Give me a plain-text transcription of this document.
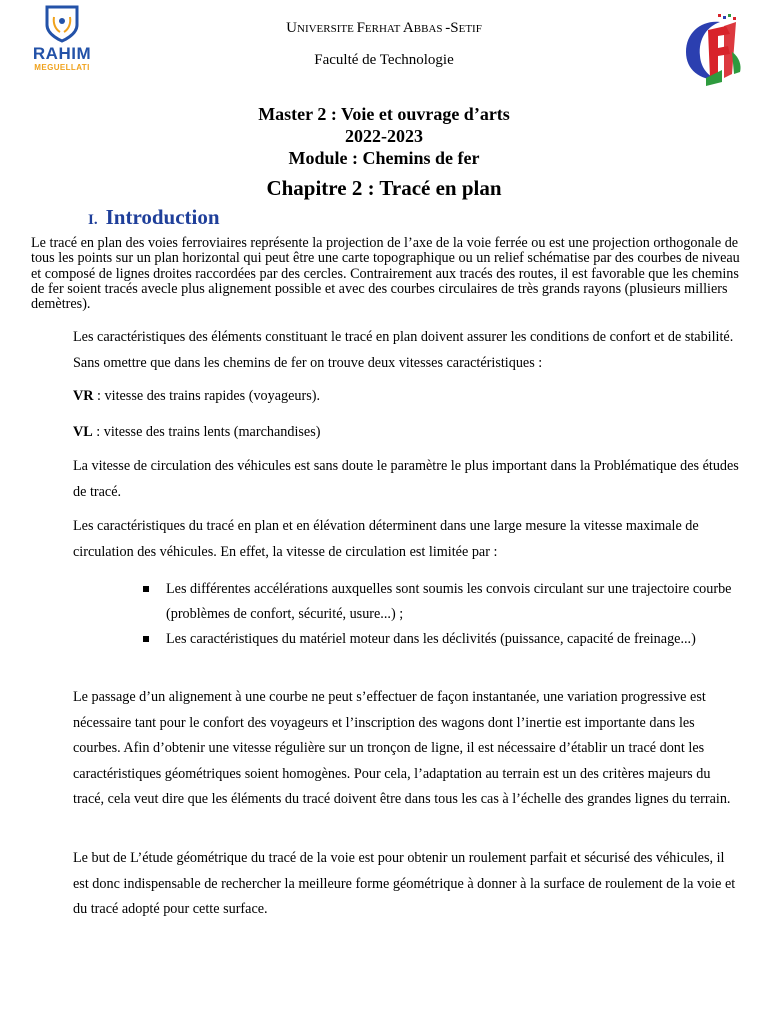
RAHIM
MEGUELLATI
UNIVERSITE FERHAT ABBAS -SETIF
Faculté de Technologie
Master 2 : Voie et ouvrage d’arts
2022-2023
Module : Chemins de fer
Chapitre 2 : Tracé en plan
I. Introduction
Le tracé en plan des voies ferroviaires représente la projection de l’axe de la voie ferrée ou est une projection orthogonale de tous les points sur un plan horizontal qui peut être une carte topographique ou un relief schématise par des courbes de niveau et composé de lignes droites raccordées par des cercles. Contrairement aux tracés des routes, il est favorable que les chemins de fer soient tracés avecle plus alignement possible et avec des courbes circulaires de très grands rayons (plusieurs milliers demètres).
Les caractéristiques des éléments constituant le tracé en plan doivent assurer les conditions de confort et de stabilité. Sans omettre que dans les chemins de fer on trouve deux vitesses caractéristiques :
VR : vitesse des trains rapides (voyageurs).
VL : vitesse des trains lents (marchandises)
La vitesse de circulation des véhicules est sans doute le paramètre le plus important dans la Problématique des études de tracé.
Les caractéristiques du tracé en plan et en élévation déterminent dans une large mesure la vitesse maximale de circulation des véhicules. En effet, la vitesse de circulation est limitée par :
Les différentes accélérations auxquelles sont soumis les convois circulant sur une trajectoire courbe (problèmes de confort, sécurité, usure...) ;
Les caractéristiques du matériel moteur dans les déclivités (puissance, capacité de freinage...)
Le passage d’un alignement à une courbe ne peut s’effectuer de façon instantanée, une variation progressive est nécessaire tant pour le confort des voyageurs et l’inscription des wagons dont l’inertie est importante dans les courbes. Afin d’obtenir une vitesse régulière sur un tronçon de ligne, il est nécessaire d’établir un tracé dont les caractéristiques géométriques soient homogènes. Pour cela, l’adaptation au terrain est un des critères majeurs du tracé, cela veut dire que les éléments du tracé doivent être dans tous les cas à l’échelle des grandes lignes du terrain.
Le but de L’étude géométrique du tracé de la voie est pour obtenir un roulement parfait et sécurisé des véhicules, il est donc indispensable de rechercher la meilleure forme géométrique à donner à la surface de roulement de la voie et du tracé adopté pour cette surface.
